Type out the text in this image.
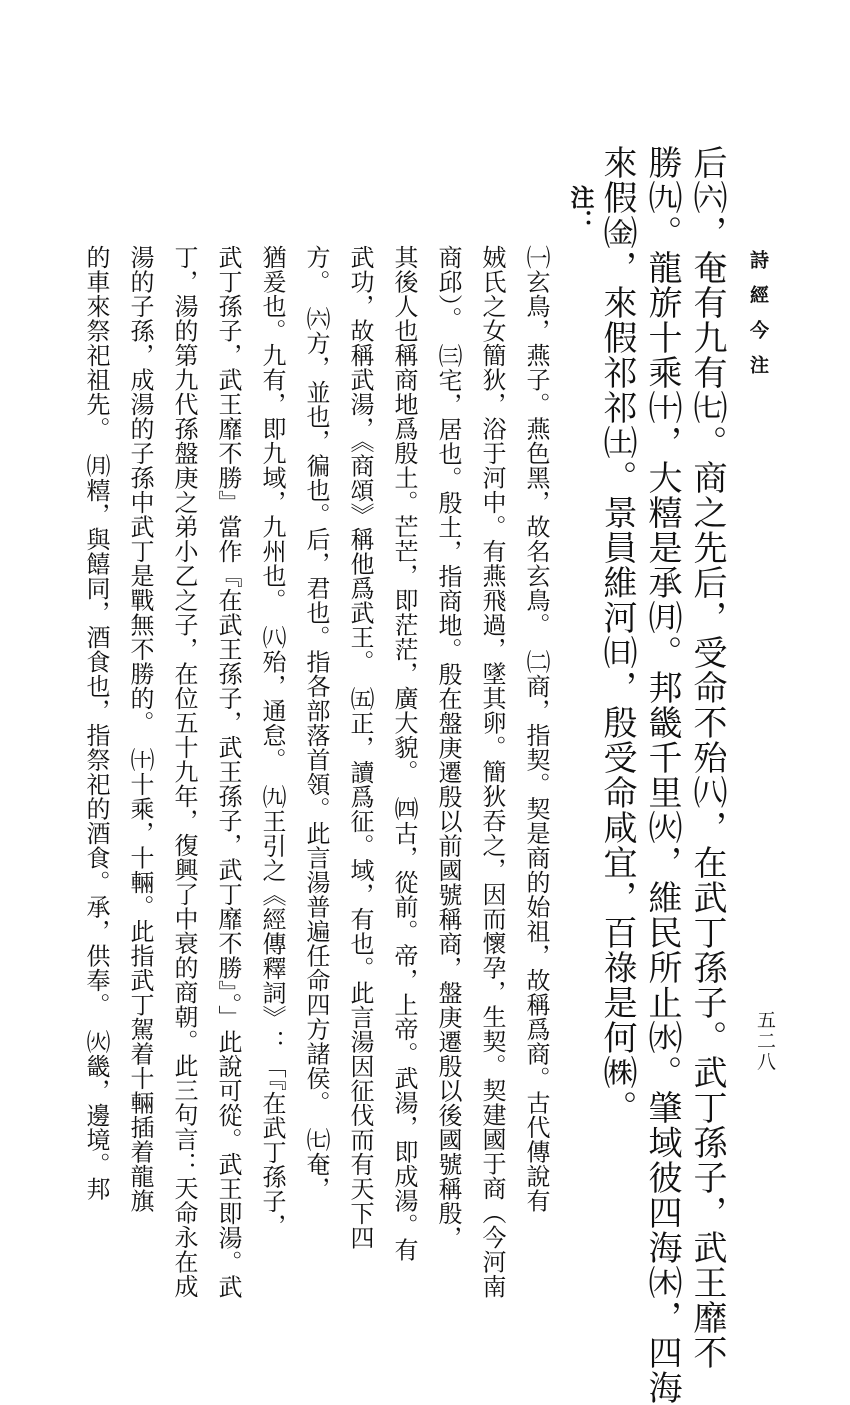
詩經今注
五二八
后㈥，奄有九有㈦。商之先后，受命不殆㈧，在武丁孫子。武丁孫子，武王靡不
勝㈨。龍旂十乘㈩，大糦是承㈪。邦畿千里㈫，維民所止㈬。肇域彼四海㈭，四海
來假㈮，來假祁祁㈯。景員維河㈰，殷受命咸宜，百祿是何㈱。
注：
㈠玄鳥，燕子。燕色黑，故名玄鳥。　㈡商，指契。契是商的始祖，故稱爲商。古代傳說有
娀氏之女簡狄，浴于河中。有燕飛過，墜其卵。簡狄吞之，因而懷孕，生契。契建國于商（今河南
商邱）。　㈢宅，居也。殷土，指商地。殷在盤庚遷殷以前國號稱商，盤庚遷殷以後國號稱殷，
其後人也稱商地爲殷土。芒芒，即茫茫，廣大貌。　㈣古，從前。帝，上帝。武湯，即成湯。有
武功，故稱武湯，《商頌》稱他爲武王。　㈤正，讀爲征。域，有也。此言湯因征伐而有天下四
方。　㈥方，並也，徧也。后，君也。指各部落首領。此言湯普遍任命四方諸侯。　㈦奄，
猶爰也。九有，即九域，九州也。　㈧殆，通怠。　㈨王引之《經傳釋詞》：「『在武丁孫子，
武丁孫子，武王靡不勝』當作『在武王孫子，武王孫子，武丁靡不勝』。」此說可從。武王即湯。武
丁，湯的第九代孫盤庚之弟小乙之子，在位五十九年，復興了中衰的商朝。此三句言：天命永在成
湯的子孫，成湯的子孫中武丁是戰無不勝的。　㈩十乘，十輛。此指武丁駕着十輛插着龍旗
的車來祭祀祖先。　㈪糦，與饎同，酒食也，指祭祀的酒食。承，供奉。　㈫畿，邊境。邦
